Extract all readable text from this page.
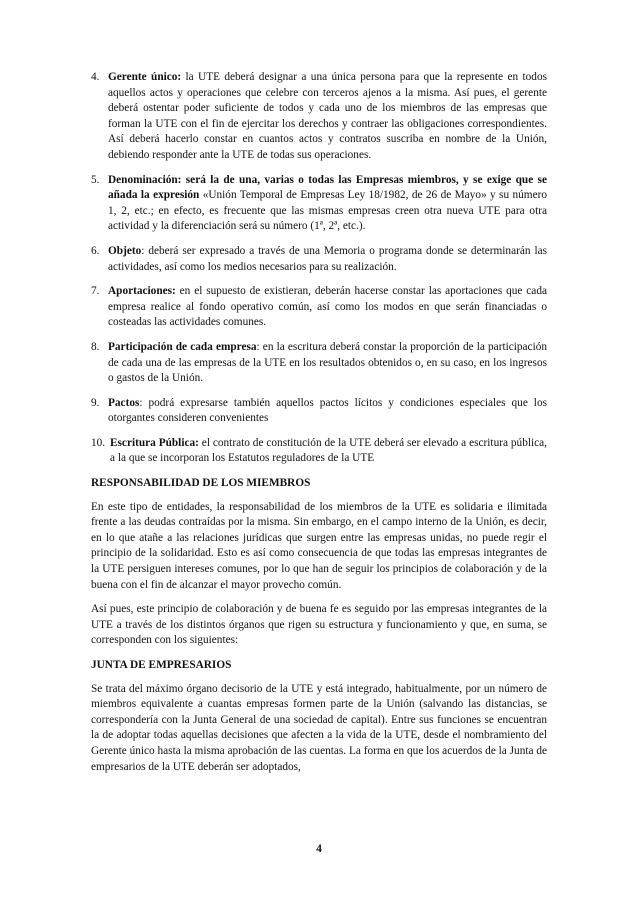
4. Gerente único: la UTE deberá designar a una única persona para que la represente en todos aquellos actos y operaciones que celebre con terceros ajenos a la misma. Así pues, el gerente deberá ostentar poder suficiente de todos y cada uno de los miembros de las empresas que forman la UTE con el fin de ejercitar los derechos y contraer las obligaciones correspondientes. Así deberá hacerlo constar en cuantos actos y contratos suscriba en nombre de la Unión, debiendo responder ante la UTE de todas sus operaciones.
5. Denominación: será la de una, varias o todas las Empresas miembros, y se exige que se añada la expresión «Unión Temporal de Empresas Ley 18/1982, de 26 de Mayo» y su número 1, 2, etc.; en efecto, es frecuente que las mismas empresas creen otra nueva UTE para otra actividad y la diferenciación será su número (1ª, 2ª, etc.).
6. Objeto: deberá ser expresado a través de una Memoria o programa donde se determinarán las actividades, así como los medios necesarios para su realización.
7. Aportaciones: en el supuesto de existieran, deberán hacerse constar las aportaciones que cada empresa realice al fondo operativo común, así como los modos en que serán financiadas o costeadas las actividades comunes.
8. Participación de cada empresa: en la escritura deberá constar la proporción de la participación de cada una de las empresas de la UTE en los resultados obtenidos o, en su caso, en los ingresos o gastos de la Unión.
9. Pactos: podrá expresarse también aquellos pactos lícitos y condiciones especiales que los otorgantes consideren convenientes
10. Escritura Pública: el contrato de constitución de la UTE deberá ser elevado a escritura pública, a la que se incorporan los Estatutos reguladores de la UTE
RESPONSABILIDAD DE LOS MIEMBROS
En este tipo de entidades, la responsabilidad de los miembros de la UTE es solidaria e ilimitada frente a las deudas contraídas por la misma. Sin embargo, en el campo interno de la Unión, es decir, en lo que atañe a las relaciones jurídicas que surgen entre las empresas unidas, no puede regir el principio de la solidaridad. Esto es así como consecuencia de que todas las empresas integrantes de la UTE persiguen intereses comunes, por lo que han de seguir los principios de colaboración y de la buena con el fin de alcanzar el mayor provecho común.
Así pues, este principio de colaboración y de buena fe es seguido por las empresas integrantes de la UTE a través de los distintos órganos que rigen su estructura y funcionamiento y que, en suma, se corresponden con los siguientes:
JUNTA DE EMPRESARIOS
Se trata del máximo órgano decisorio de la UTE y está integrado, habitualmente, por un número de miembros equivalente a cuantas empresas formen parte de la Unión (salvando las distancias, se correspondería con la Junta General de una sociedad de capital). Entre sus funciones se encuentran la de adoptar todas aquellas decisiones que afecten a la vida de la UTE, desde el nombramiento del Gerente único hasta la misma aprobación de las cuentas. La forma en que los acuerdos de la Junta de empresarios de la UTE deberán ser adoptados,
4
